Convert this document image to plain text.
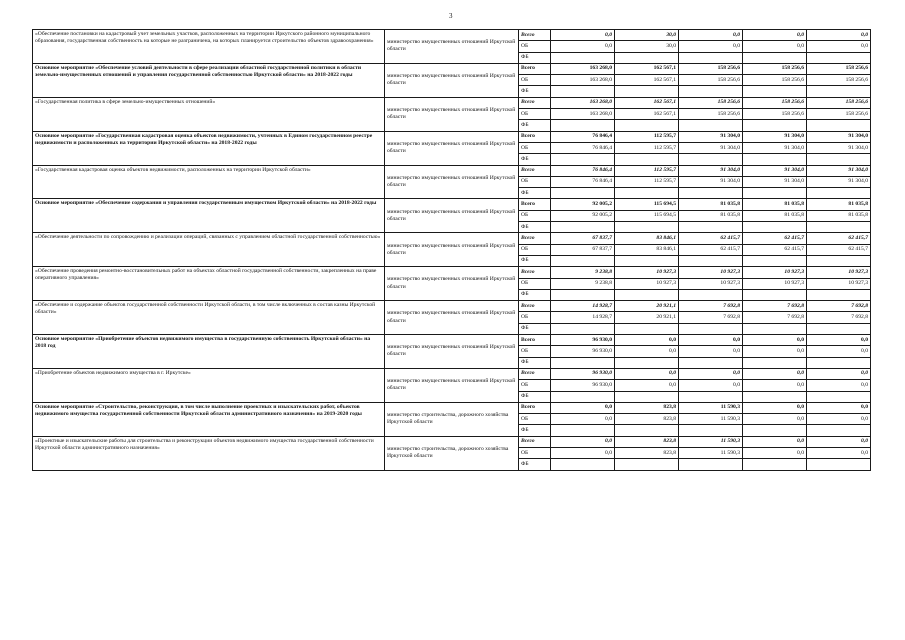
3
«Обеспечение постановки на кадастровый учет земельных участков, расположенных на территории Иркутского районного муниципального образования, государственная собственность на которые не разграничена, на которых планируется строительство объектов здравоохранения»	министерство имущественных отношений Иркутской области	Всего	0,0	30,0	0,0	0,0	0,0
		ОБ	0,0	30,0	0,0	0,0	0,0
		ФБ					
Основное мероприятие «Обеспечение условий деятельности в сфере реализации областной государственной политики в области земельно-имущественных отношений и управления государственной собственностью Иркутской области» на 2018-2022 годы	министерство имущественных отношений Иркутской области	Всего	163 268,0	162 567,1	158 256,6	158 256,6	158 256,6
		ОБ	163 268,0	162 567,1	158 256,6	158 256,6	158 256,6
		ФБ					
«Государственная политика в сфере земельно-имущественных отношений»	министерство имущественных отношений Иркутской области	Всего	163 268,0	162 567,1	158 256,6	158 256,6	158 256,6
		ОБ	163 268,0	162 567,1	158 256,6	158 256,6	158 256,6
		ФБ					
Основное мероприятие «Государственная кадастровая оценка объектов недвижимости, учтенных в Едином государственном реестре недвижимости и расположенных на территории Иркутской области» на 2018-2022 годы	министерство имущественных отношений Иркутской области	Всего	76 846,4	112 595,7	91 304,0	91 304,0	91 304,0
		ОБ	76 846,4	112 595,7	91 304,0	91 304,0	91 304,0
		ФБ					
«Государственная кадастровая оценка объектов недвижимости, расположенных на территории Иркутской области»	министерство имущественных отношений Иркутской области	Всего	76 846,4	112 595,7	91 304,0	91 304,0	91 304,0
		ОБ	76 846,4	112 595,7	91 304,0	91 304,0	91 304,0
		ФБ					
Основное мероприятие «Обеспечение содержания и управления государственным имуществом Иркутской области» на 2018-2022 годы	министерство имущественных отношений Иркутской области	Всего	92 005,2	115 694,5	81 035,8	81 035,8	81 035,8
		ОБ	92 005,2	115 694,5	81 035,8	81 035,8	81 035,8
		ФБ					
«Обеспечение деятельности по сопровождению и реализации операций, связанных с управлением областной государственной собственностью»	министерство имущественных отношений Иркутской области	Всего	67 837,7	83 846,1	62 415,7	62 415,7	62 415,7
		ОБ	67 837,7	83 846,1	62 415,7	62 415,7	62 415,7
		ФБ					
«Обеспечение проведения ремонтно-восстановительных работ на объектах областной государственной собственности, закрепленных на праве оперативного управления»	министерство имущественных отношений Иркутской области	Всего	9 238,8	10 927,3	10 927,3	10 927,3	10 927,3
		ОБ	9 238,8	10 927,3	10 927,3	10 927,3	10 927,3
		ФБ					
«Обеспечение и содержание объектов государственной собственности Иркутской области, в том числе включенных в состав казны Иркутской области»	министерство имущественных отношений Иркутской области	Всего	14 928,7	20 921,1	7 692,8	7 692,8	7 692,8
		ОБ	14 928,7	20 921,1	7 692,8	7 692,8	7 692,8
		ФБ					
Основное мероприятие «Приобретение объектов недвижимого имущества в государственную собственность Иркутской области» на 2018 год	министерство имущественных отношений Иркутской области	Всего	96 930,0	0,0	0,0	0,0	0,0
		ОБ	96 930,0	0,0	0,0	0,0	0,0
		ФБ					
«Приобретение объектов недвижимого имущества в г. Иркутске»	министерство имущественных отношений Иркутской области	Всего	96 930,0	0,0	0,0	0,0	0,0
		ОБ	96 930,0	0,0	0,0	0,0	0,0
		ФБ					
Основное мероприятие «Строительство, реконструкция, в том числе выполнение проектных и изыскательских работ, объектов недвижимого имущества государственной собственности Иркутской области административного назначения» на 2019-2020 годы	министерство строительства, дорожного хозяйства Иркутской области	Всего	0,0	823,8	11 590,3	0,0	0,0
		ОБ	0,0	823,8	11 590,3	0,0	0,0
		ФБ					
«Проектные и изыскательские работы для строительства и реконструкции объектов недвижимого имущества государственной собственности Иркутской области административного назначения»	министерство строительства, дорожного хозяйства Иркутской области	Всего	0,0	823,8	11 590,3	0,0	0,0
		ОБ	0,0	823,8	11 590,3	0,0	0,0
		ФБ					
